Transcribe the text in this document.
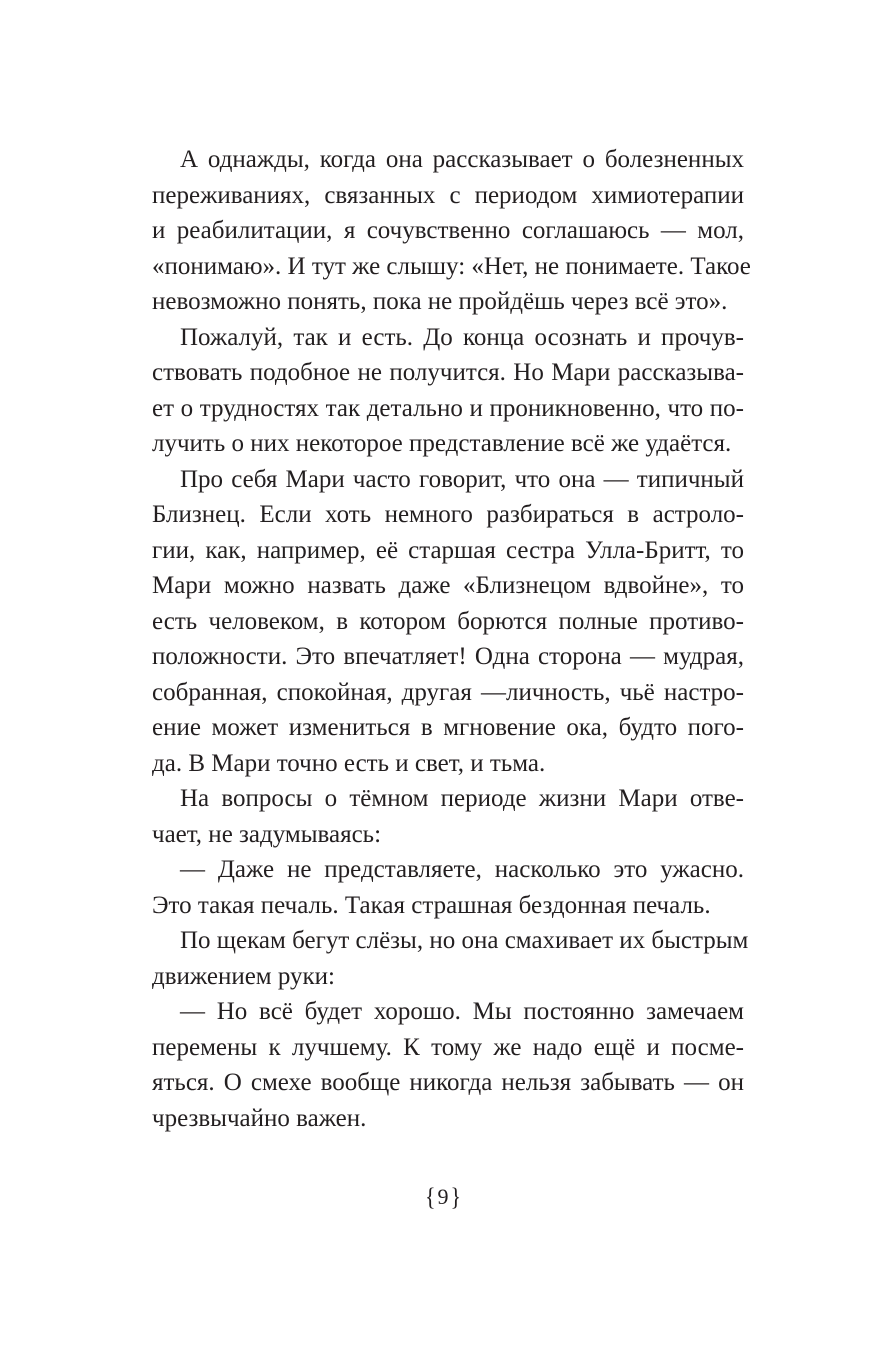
А однажды, когда она рассказывает о болезненных
переживаниях, связанных с периодом химиотерапии
и реабилитации, я сочувственно соглашаюсь — мол,
«понимаю». И тут же слышу: «Нет, не понимаете. Такое
невозможно понять, пока не пройдёшь через всё это».

Пожалуй, так и есть. До конца осознать и прочув-
ствовать подобное не получится. Но Мари рассказыва-
ет о трудностях так детально и проникновенно, что по-
лучить о них некоторое представление всё же удаётся.

Про себя Мари часто говорит, что она — типичный
Близнец. Если хоть немного разбираться в астроло-
гии, как, например, её старшая сестра Улла-Бритт, то
Мари можно назвать даже «Близнецом вдвойне», то
есть человеком, в котором борются полные противо-
положности. Это впечатляет! Одна сторона — мудрая,
собранная, спокойная, другая —личность, чьё настро-
ение может измениться в мгновение ока, будто пого-
да. В Мари точно есть и свет, и тьма.

На вопросы о тёмном периоде жизни Мари отве-
чает, не задумываясь:

— Даже не представляете, насколько это ужасно.
Это такая печаль. Такая страшная бездонная печаль.

По щекам бегут слёзы, но она смахивает их быстрым
движением руки:

— Но всё будет хорошо. Мы постоянно замечаем
перемены к лучшему. К тому же надо ещё и посме-
яться. О смехе вообще никогда нельзя забывать — он
чрезвычайно важен.

{9}
